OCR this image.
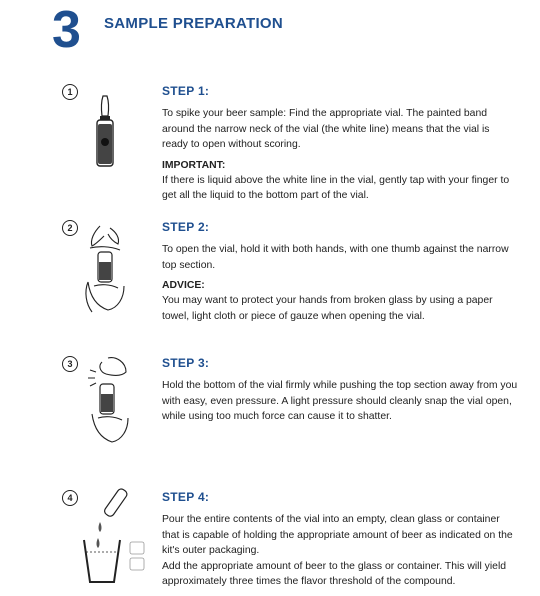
3 SAMPLE PREPARATION
1	STEP 1:

To spike your beer sample: Find the appropriate vial. The painted band around the narrow neck of the vial (the white line) means that the vial is ready to open without scoring.

IMPORTANT:

If there is liquid above the white line in the vial, gently tap with your finger to get all the liquid to the bottom part of the vial.

2	STEP 2:

To open the vial, hold it with both hands, with one thumb against the narrow top section.

ADVICE:

You may want to protect your hands from broken glass by using a paper towel, light cloth or piece of gauze when opening the vial.

3	STEP 3:

Hold the bottom of the vial firmly while pushing the top section away from you with easy, even pressure. A light pressure should cleanly snap the vial open, while using too much force can cause it to shatter.

4	STEP 4:

Pour the entire contents of the vial into an empty, clean glass or container that is capable of holding the appropriate amount of beer as indicated on the kit's outer packaging.

Add the appropriate amount of beer to the glass or container. This will yield approximately three times the flavor threshold of the compound.
